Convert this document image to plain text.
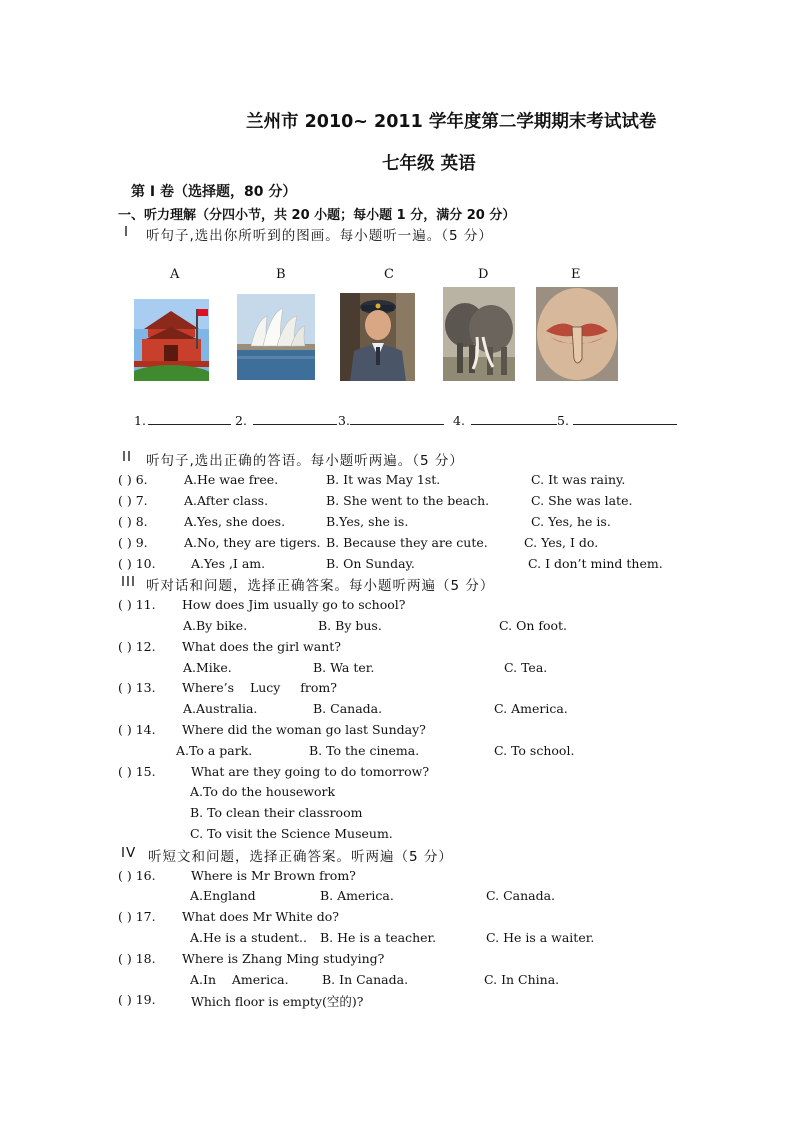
兰州市 2010~ 2011 学年度第二学期期末考试试卷
七年级 英语
第 I 卷（选择题，80 分）
一、听力理解（分四小节，共 20 小题；每小题 1 分，满分 20 分）
I 听句子,选出你所听到的图画。每小题听一遍。（5 分）
A	B	C	D	E
1.	2.	3.	4.	5.
II 听句子,选出正确的答语。每小题听两遍。（5 分）
( ) 6.	A.He wae free.	B. It was May 1st.	C. It was rainy.
( ) 7.	A.After class.	B. She went to the beach.	C. She was late.
( ) 8.	A.Yes, she does.	B.Yes, she is.	C. Yes, he is.
( ) 9.	A.No, they are tigers. B. Because they are cute.	C. Yes, I do.
( ) 10.	A.Yes ,I am.	B. On Sunday.	C. I don’t mind them.
III 听对话和问题，选择正确答案。每小题听两遍（5 分）
( ) 11. How does Jim usually go to school?
A.By bike.	B. By bus.	C. On foot.
( ) 12. What does the girl want?
A.Mike.	B. Wa ter.	C. Tea.
( ) 13. Where’s    Lucy     from?
A.Australia.	B. Canada.	C. America.
( ) 14. Where did the woman go last Sunday?
A.To a park.	B. To the cinema.	C. To school.
( ) 15.	What are they going to do tomorrow?
A.To do the housework
B. To clean their classroom
C. To visit the Science Museum.
IV 听短文和问题，选择正确答案。听两遍（5 分）
( ) 16.	Where is Mr Brown from?
A.England	B. America.	C. Canada.
( ) 17. What does Mr White do?
A.He is a student.. B. He is a teacher.	C. He is a waiter.
( ) 18. Where is Zhang Ming studying?
A.In    America.	B. In Canada.	C. In China.
( ) 19.	Which floor is empty(空的)?
